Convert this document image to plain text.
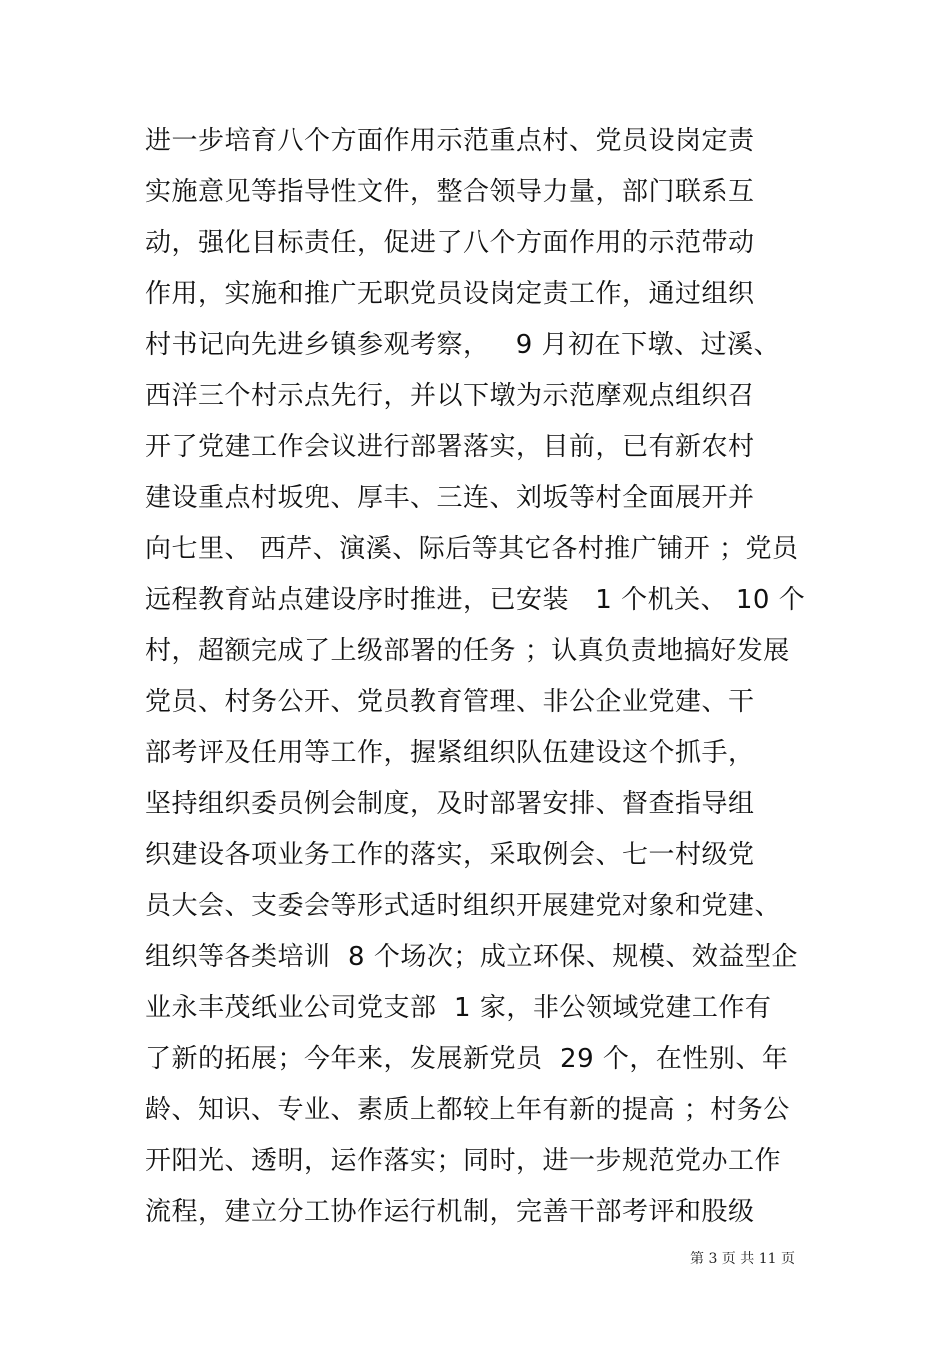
进一步培育八个方面作用示范重点村、党员设岗定责
实施意见等指导性文件，整合领导力量，部门联系互
动，强化目标责任，促进了八个方面作用的示范带动
作用，实施和推广无职党员设岗定责工作，通过组织
村书记向先进乡镇参观考察，   9 月初在下墩、过溪、
西洋三个村示点先行，并以下墩为示范摩观点组织召
开了党建工作会议进行部署落实，目前，已有新农村
建设重点村坂兜、厚丰、三连、刘坂等村全面展开并
向七里、 西芹、演溪、际后等其它各村推广铺开 ；党员
远程教育站点建设序时推进，已安装   1 个机关、 10 个
村，超额完成了上级部署的任务 ；认真负责地搞好发展
党员、村务公开、党员教育管理、非公企业党建、干
部考评及任用等工作，握紧组织队伍建设这个抓手，
坚持组织委员例会制度，及时部署安排、督查指导组
织建设各项业务工作的落实，采取例会、七一村级党
员大会、支委会等形式适时组织开展建党对象和党建、
组织等各类培训  8 个场次；成立环保、规模、效益型企
业永丰茂纸业公司党支部  1 家，非公领域党建工作有
了新的拓展；今年来，发展新党员  29 个，在性别、年
龄、知识、专业、素质上都较上年有新的提高 ；村务公
开阳光、透明，运作落实；同时，进一步规范党办工作
流程，建立分工协作运行机制，完善干部考评和股级
第 3 页 共 11 页
